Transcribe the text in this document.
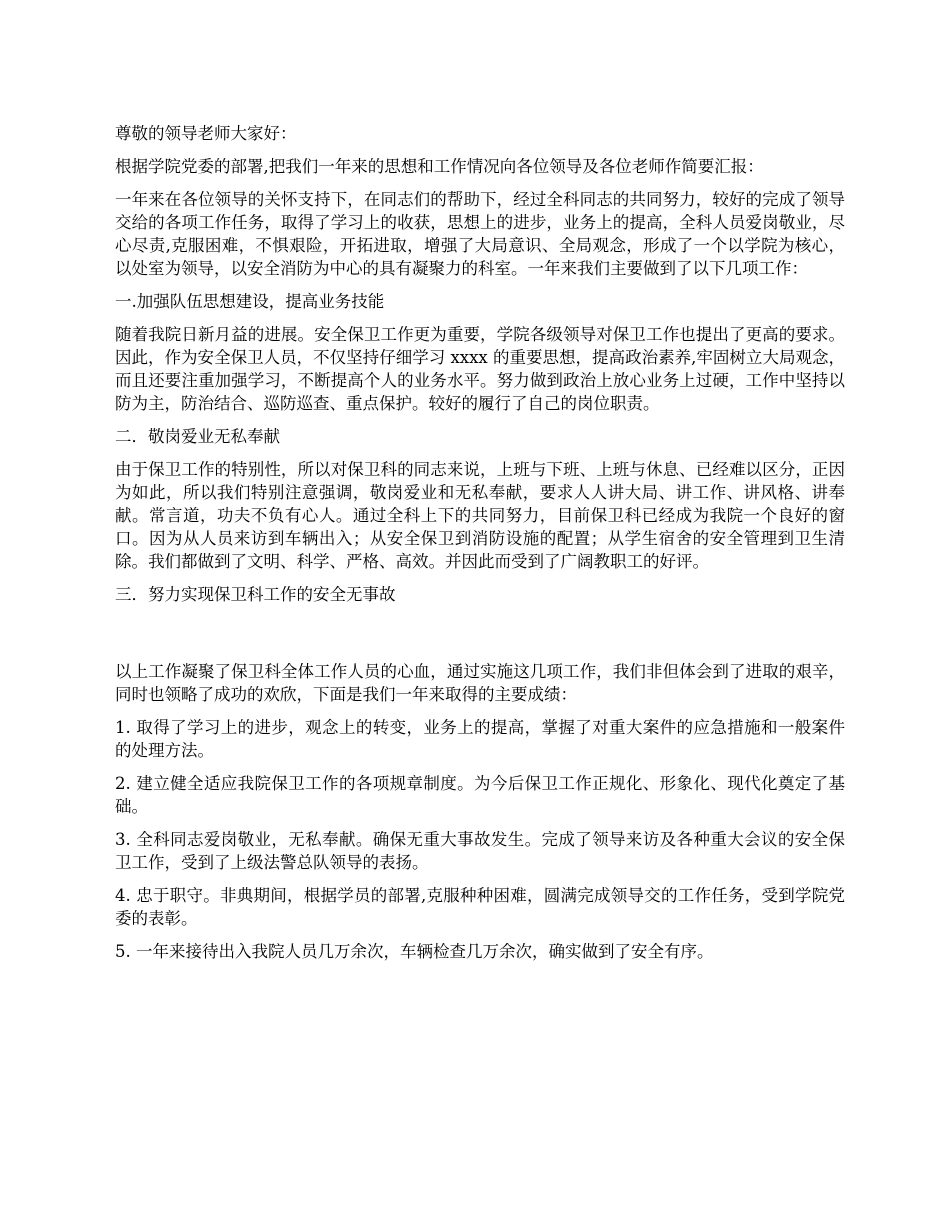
尊敬的领导老师大家好：

根据学院党委的部署,把我们一年来的思想和工作情况向各位领导及各位老师作简要汇报：

一年来在各位领导的关怀支持下，在同志们的帮助下，经过全科同志的共同努力，较好的完成了领导交给的各项工作任务，取得了学习上的收获，思想上的进步，业务上的提高，全科人员爱岗敬业，尽心尽责,克服困难，不惧艰险，开拓进取，增强了大局意识、全局观念，形成了一个以学院为核心，以处室为领导，以安全消防为中心的具有凝聚力的科室。一年来我们主要做到了以下几项工作：

一.加强队伍思想建设，提高业务技能

随着我院日新月益的进展。安全保卫工作更为重要，学院各级领导对保卫工作也提出了更高的要求。因此，作为安全保卫人员，不仅坚持仔细学习 xxxx 的重要思想，提高政治素养,牢固树立大局观念，而且还要注重加强学习，不断提高个人的业务水平。努力做到政治上放心业务上过硬，工作中坚持以防为主，防治结合、巡防巡查、重点保护。较好的履行了自己的岗位职责。

二．敬岗爱业无私奉献

由于保卫工作的特别性，所以对保卫科的同志来说，上班与下班、上班与休息、已经难以区分，正因为如此，所以我们特别注意强调，敬岗爱业和无私奉献，要求人人讲大局、讲工作、讲风格、讲奉献。常言道，功夫不负有心人。通过全科上下的共同努力，目前保卫科已经成为我院一个良好的窗口。因为从人员来访到车辆出入；从安全保卫到消防设施的配置；从学生宿舍的安全管理到卫生清除。我们都做到了文明、科学、严格、高效。并因此而受到了广阔教职工的好评。

三．努力实现保卫科工作的安全无事故

以上工作凝聚了保卫科全体工作人员的心血，通过实施这几项工作，我们非但体会到了进取的艰辛，同时也领略了成功的欢欣，下面是我们一年来取得的主要成绩：

1. 取得了学习上的进步，观念上的转变，业务上的提高，掌握了对重大案件的应急措施和一般案件的处理方法。

2. 建立健全适应我院保卫工作的各项规章制度。为今后保卫工作正规化、形象化、现代化奠定了基础。

3. 全科同志爱岗敬业，无私奉献。确保无重大事故发生。完成了领导来访及各种重大会议的安全保卫工作，受到了上级法警总队领导的表扬。

4. 忠于职守。非典期间，根据学员的部署,克服种种困难，圆满完成领导交的工作任务，受到学院党委的表彰。

5. 一年来接待出入我院人员几万余次，车辆检查几万余次，确实做到了安全有序。
